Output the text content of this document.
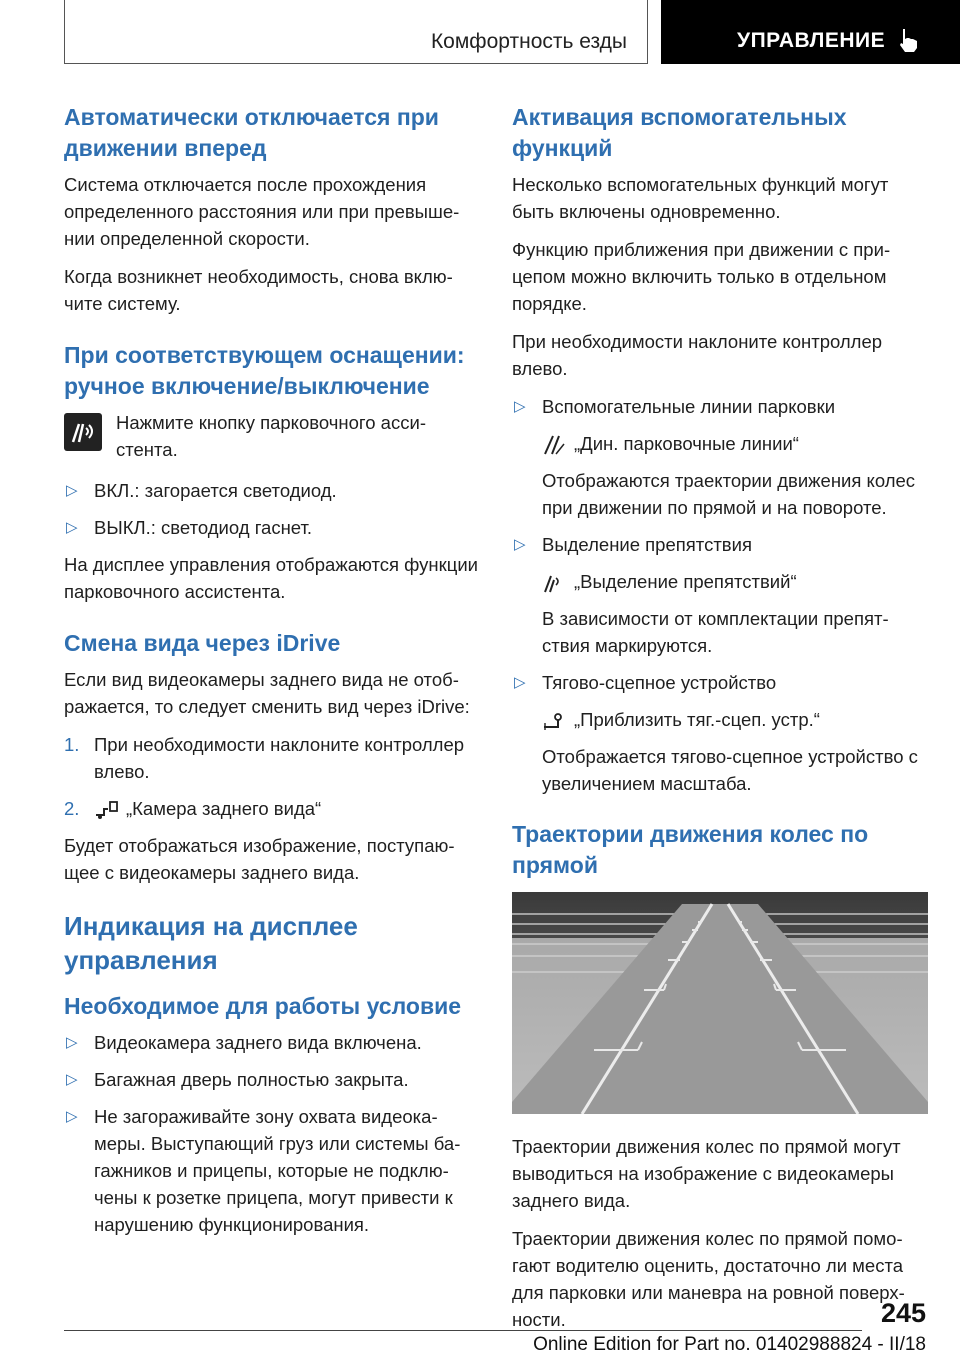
Комфортность езды	УПРАВЛЕНИЕ
Автоматически отключается при движении вперед

Система отключается после прохождения определенного расстояния или при превышении определенной скорости.

Когда возникнет необходимость, снова включите систему.

При соответствующем оснащении: ручное включение/выключение

Нажмите кнопку парковочного ассистента.

▷ ВКЛ.: загорается светодиод.
▷ ВЫКЛ.: светодиод гаснет.

На дисплее управления отображаются функции парковочного ассистента.

Смена вида через iDrive

Если вид видеокамеры заднего вида не отображается, то следует сменить вид через iDrive:

1. При необходимости наклоните контроллер влево.
2.	„Камера заднего вида“

Будет отображаться изображение, поступающее с видеокамеры заднего вида.

Индикация на дисплее управления
Необходимое для работы условие
▷ Видеокамера заднего вида включена.
▷ Багажная дверь полностью закрыта.
▷ Не загораживайте зону охвата видеокамеры. Выступающий груз или системы багажников и прицепы, которые не подключены к розетке прицепа, могут привести к нарушению функционирования.
Активация вспомогательных функций

Несколько вспомогательных функций могут быть включены одновременно.

Функцию приближения при движении с прицепом можно включить только в отдельном порядке.

При необходимости наклоните контроллер влево.

▷ Вспомогательные линии парковки
„Дин. парковочные линии“
Отображаются траектории движения колес при движении по прямой и на повороте.
▷ Выделение препятствия
„Выделение препятствий“
В зависимости от комплектации препятствия маркируются.
▷ Тягово-сцепное устройство
„Приблизить тяг.-сцеп. устр.“
Отображается тягово-сцепное устройство с увеличением масштаба.
Траектории движения колес по прямой

Траектории движения колес по прямой могут выводиться на изображение с видеокамеры заднего вида.

Траектории движения колес по прямой помогают водителю оценить, достаточно ли места для парковки или маневра на ровной поверхности.	245
Online Edition for Part no. 01402988824 - II/18
